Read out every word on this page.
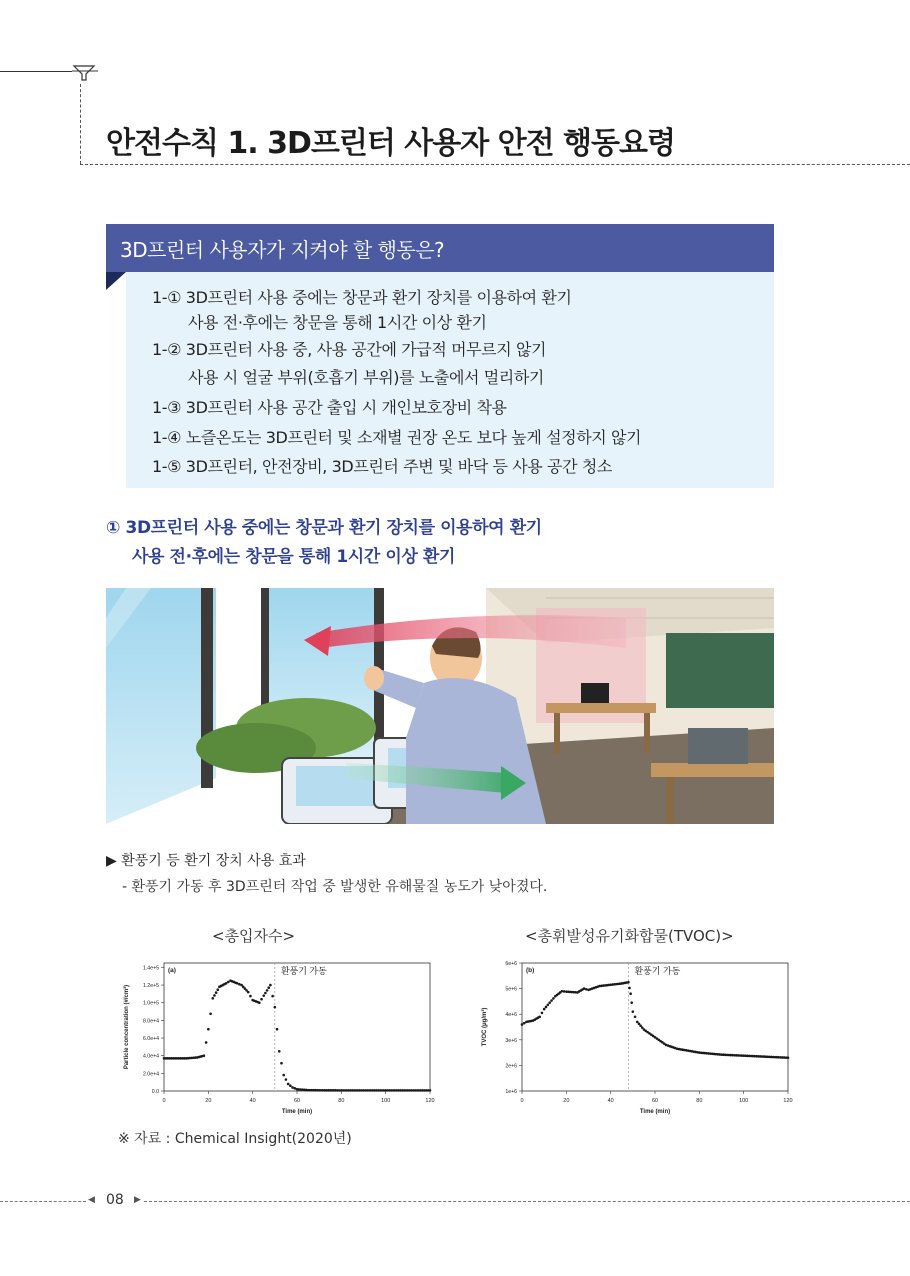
안전수칙 1. 3D프린터 사용자 안전 행동요령
3D프린터 사용자가 지켜야 할 행동은?
1-① 3D프린터 사용 중에는 창문과 환기 장치를 이용하여 환기
사용 전·후에는 창문을 통해 1시간 이상 환기
1-② 3D프린터 사용 중, 사용 공간에 가급적 머무르지 않기
사용 시 얼굴 부위(호흡기 부위)를 노출에서 멀리하기
1-③ 3D프린터 사용 공간 출입 시 개인보호장비 착용
1-④ 노즐온도는 3D프린터 및 소재별 권장 온도 보다 높게 설정하지 않기
1-⑤ 3D프린터, 안전장비, 3D프린터 주변 및 바닥 등 사용 공간 청소
① 3D프린터 사용 중에는 창문과 환기 장치를 이용하여 환기
사용 전·후에는 창문을 통해 1시간 이상 환기
▶ 환풍기 등 환기 장치 사용 효과
- 환풍기 가동 후 3D프린터 작업 중 발생한 유해물질 농도가 낮아졌다.
<총입자수>	<총휘발성유기화합물(TVOC)>
0	20	40	60	80	100	120
0.0
2.0e+4
4.0e+4
6.0e+4
8.0e+4
1.0e+5
1.2e+5
1.4e+5
Time (min)
Particle concentration (#/cm³)
(a)	환풍기 가동
0	20	40	60	80	100	120
1e+6
2e+6
3e+6
4e+6
5e+6
6e+6
Time (min)
TVOC (μg/m³)
(b)	환풍기 가동
※ 자료 : Chemical Insight(2020년)
◀ 08 ▶
